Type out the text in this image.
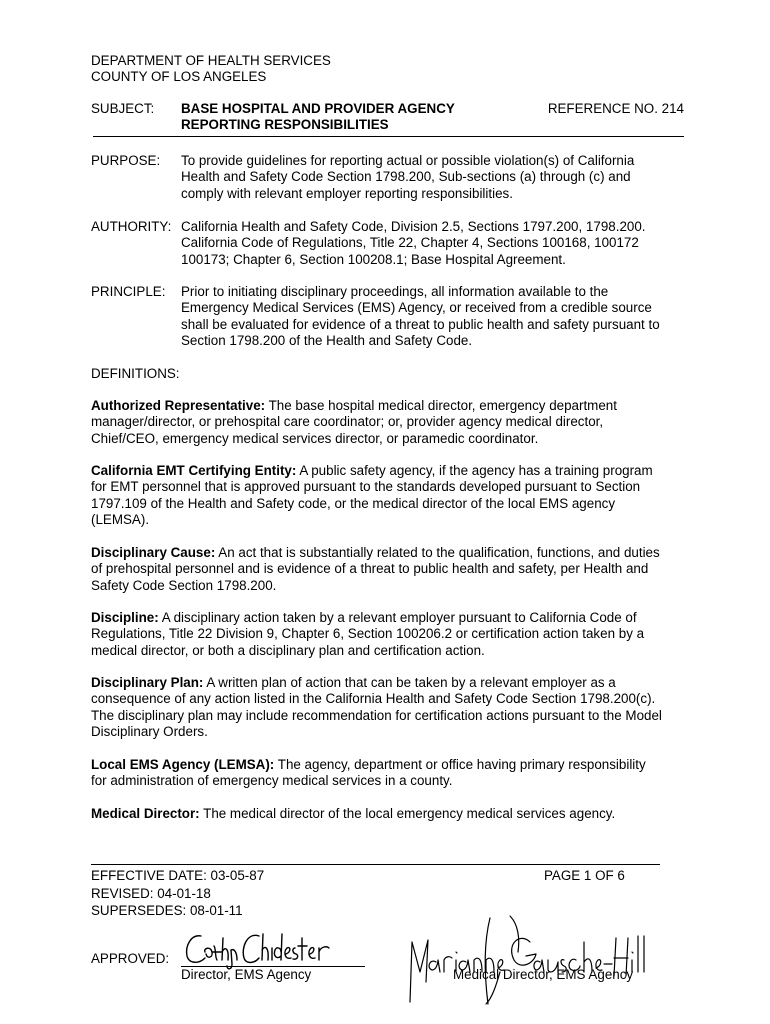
DEPARTMENT OF HEALTH SERVICES
COUNTY OF LOS ANGELES
SUBJECT: BASE HOSPITAL AND PROVIDER AGENCY
REPORTING RESPONSIBILITIES
REFERENCE NO. 214
PURPOSE: To provide guidelines for reporting actual or possible violation(s) of California
Health and Safety Code Section 1798.200, Sub-sections (a) through (c) and
comply with relevant employer reporting responsibilities.
AUTHORITY: California Health and Safety Code, Division 2.5, Sections 1797.200, 1798.200.
California Code of Regulations, Title 22, Chapter 4, Sections 100168, 100172
100173; Chapter 6, Section 100208.1; Base Hospital Agreement.
PRINCIPLE: Prior to initiating disciplinary proceedings, all information available to the
Emergency Medical Services (EMS) Agency, or received from a credible source
shall be evaluated for evidence of a threat to public health and safety pursuant to
Section 1798.200 of the Health and Safety Code.
DEFINITIONS:
Authorized Representative: The base hospital medical director, emergency department
manager/director, or prehospital care coordinator; or, provider agency medical director,
Chief/CEO, emergency medical services director, or paramedic coordinator.
California EMT Certifying Entity: A public safety agency, if the agency has a training program
for EMT personnel that is approved pursuant to the standards developed pursuant to Section
1797.109 of the Health and Safety code, or the medical director of the local EMS agency
(LEMSA).
Disciplinary Cause: An act that is substantially related to the qualification, functions, and duties
of prehospital personnel and is evidence of a threat to public health and safety, per Health and
Safety Code Section 1798.200.
Discipline: A disciplinary action taken by a relevant employer pursuant to California Code of
Regulations, Title 22 Division 9, Chapter 6, Section 100206.2 or certification action taken by a
medical director, or both a disciplinary plan and certification action.
Disciplinary Plan: A written plan of action that can be taken by a relevant employer as a
consequence of any action listed in the California Health and Safety Code Section 1798.200(c).
The disciplinary plan may include recommendation for certification actions pursuant to the Model
Disciplinary Orders.
Local EMS Agency (LEMSA): The agency, department or office having primary responsibility
for administration of emergency medical services in a county.
Medical Director: The medical director of the local emergency medical services agency.
EFFECTIVE DATE: 03-05-87
REVISED: 04-01-18
SUPERSEDES: 08-01-11
PAGE 1 OF 6
APPROVED:
Director, EMS Agency	Medical Director, EMS Agency
